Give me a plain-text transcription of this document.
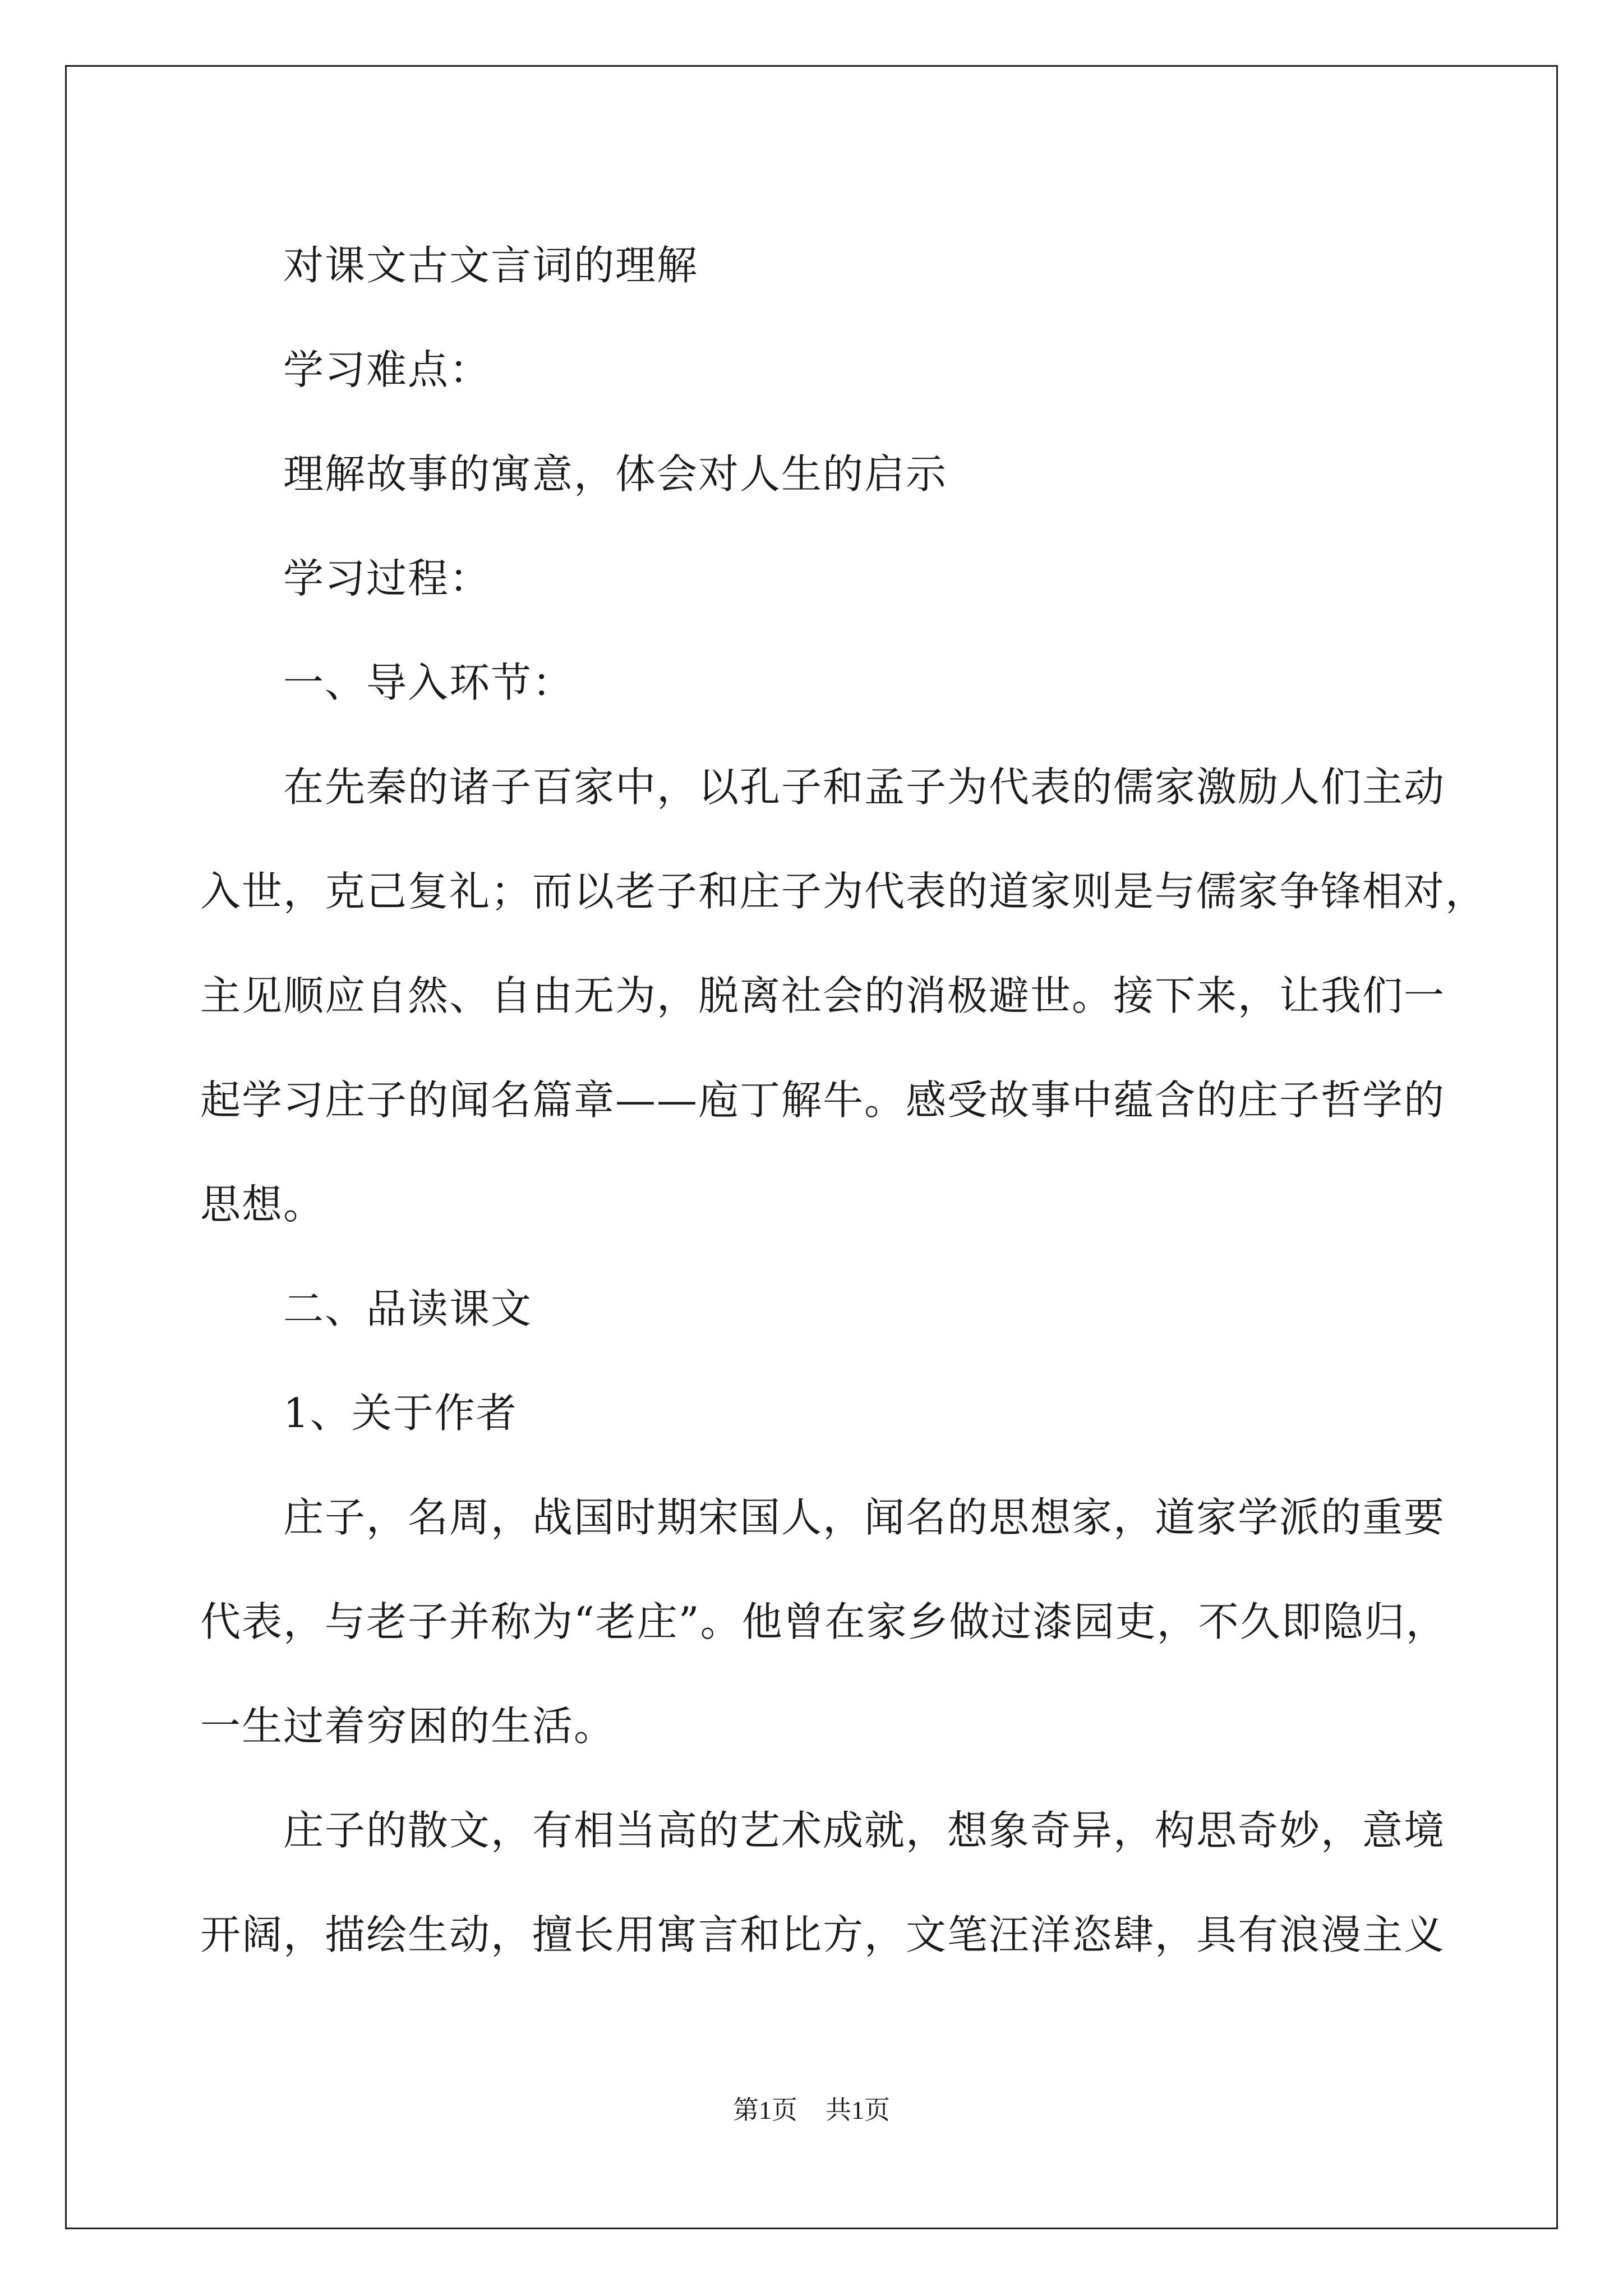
对课文古文言词的理解

学习难点：

理解故事的寓意，体会对人生的启示

学习过程：

一、导入环节：

在先秦的诸子百家中，以孔子和孟子为代表的儒家激励人们主动

入世，克己复礼；而以老子和庄子为代表的道家则是与儒家争锋相对，

主见顺应自然、自由无为，脱离社会的消极避世。接下来，让我们一

起学习庄子的闻名篇章——庖丁解牛。感受故事中蕴含的庄子哲学的

思想。

二、品读课文

1、关于作者

庄子，名周，战国时期宋国人，闻名的思想家，道家学派的重要

代表，与老子并称为“老庄”。他曾在家乡做过漆园吏，不久即隐归，

一生过着穷困的生活。

庄子的散文，有相当高的艺术成就，想象奇异，构思奇妙，意境

开阔，描绘生动，擅长用寓言和比方，文笔汪洋恣肆，具有浪漫主义

第1页 共1页
